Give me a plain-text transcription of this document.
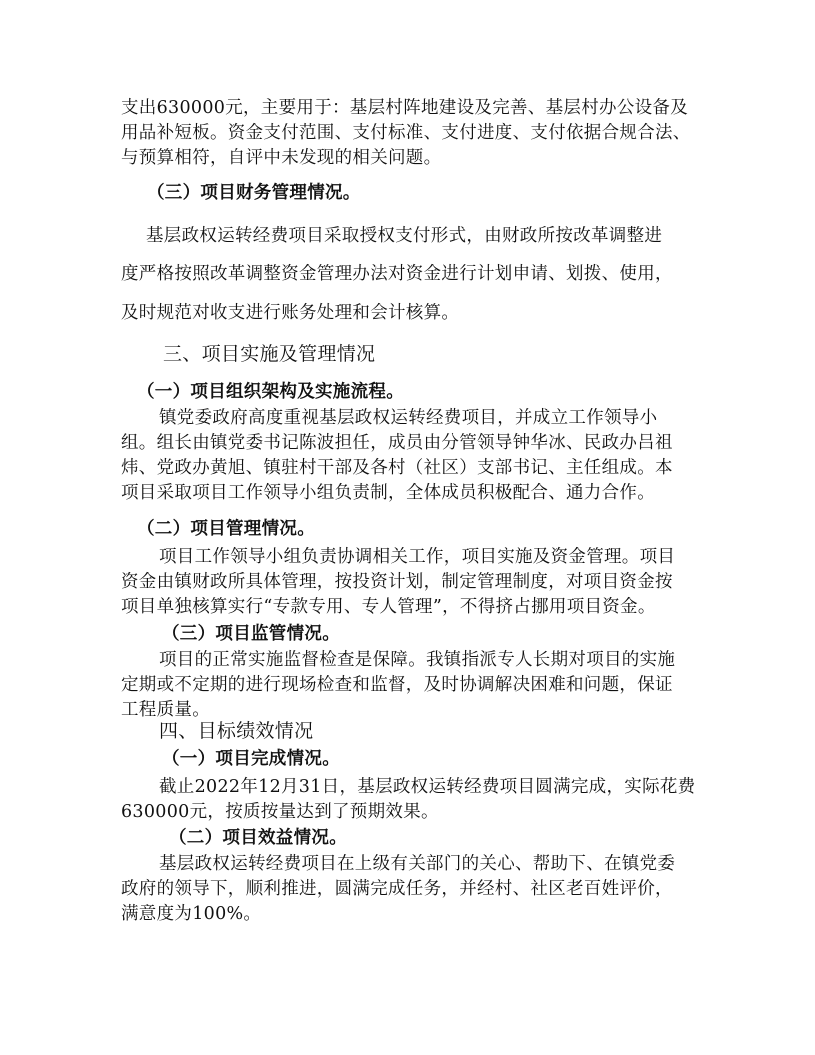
支出630000元，主要用于：基层村阵地建设及完善、基层村办公设备及
用品补短板。资金支付范围、支付标准、支付进度、支付依据合规合法、
与预算相符，自评中未发现的相关问题。
（三）项目财务管理情况。
基层政权运转经费项目采取授权支付形式，由财政所按改革调整进
度严格按照改革调整资金管理办法对资金进行计划申请、划拨、使用，
及时规范对收支进行账务处理和会计核算。
三、项目实施及管理情况
（一）项目组织架构及实施流程。
镇党委政府高度重视基层政权运转经费项目，并成立工作领导小
组。组长由镇党委书记陈波担任，成员由分管领导钟华冰、民政办吕祖
炜、党政办黄旭、镇驻村干部及各村（社区）支部书记、主任组成。本
项目采取项目工作领导小组负责制，全体成员积极配合、通力合作。
（二）项目管理情况。
项目工作领导小组负责协调相关工作，项目实施及资金管理。项目
资金由镇财政所具体管理，按投资计划，制定管理制度，对项目资金按
项目单独核算实行“专款专用、专人管理”，不得挤占挪用项目资金。
（三）项目监管情况。
项目的正常实施监督检查是保障。我镇指派专人长期对项目的实施
定期或不定期的进行现场检查和监督，及时协调解决困难和问题，保证
工程质量。
四、目标绩效情况
（一）项目完成情况。
截止2022年12月31日，基层政权运转经费项目圆满完成，实际花费
630000元，按质按量达到了预期效果。
（二）项目效益情况。
基层政权运转经费项目在上级有关部门的关心、帮助下、在镇党委
政府的领导下，顺利推进，圆满完成任务，并经村、社区老百姓评价，
满意度为100%。
